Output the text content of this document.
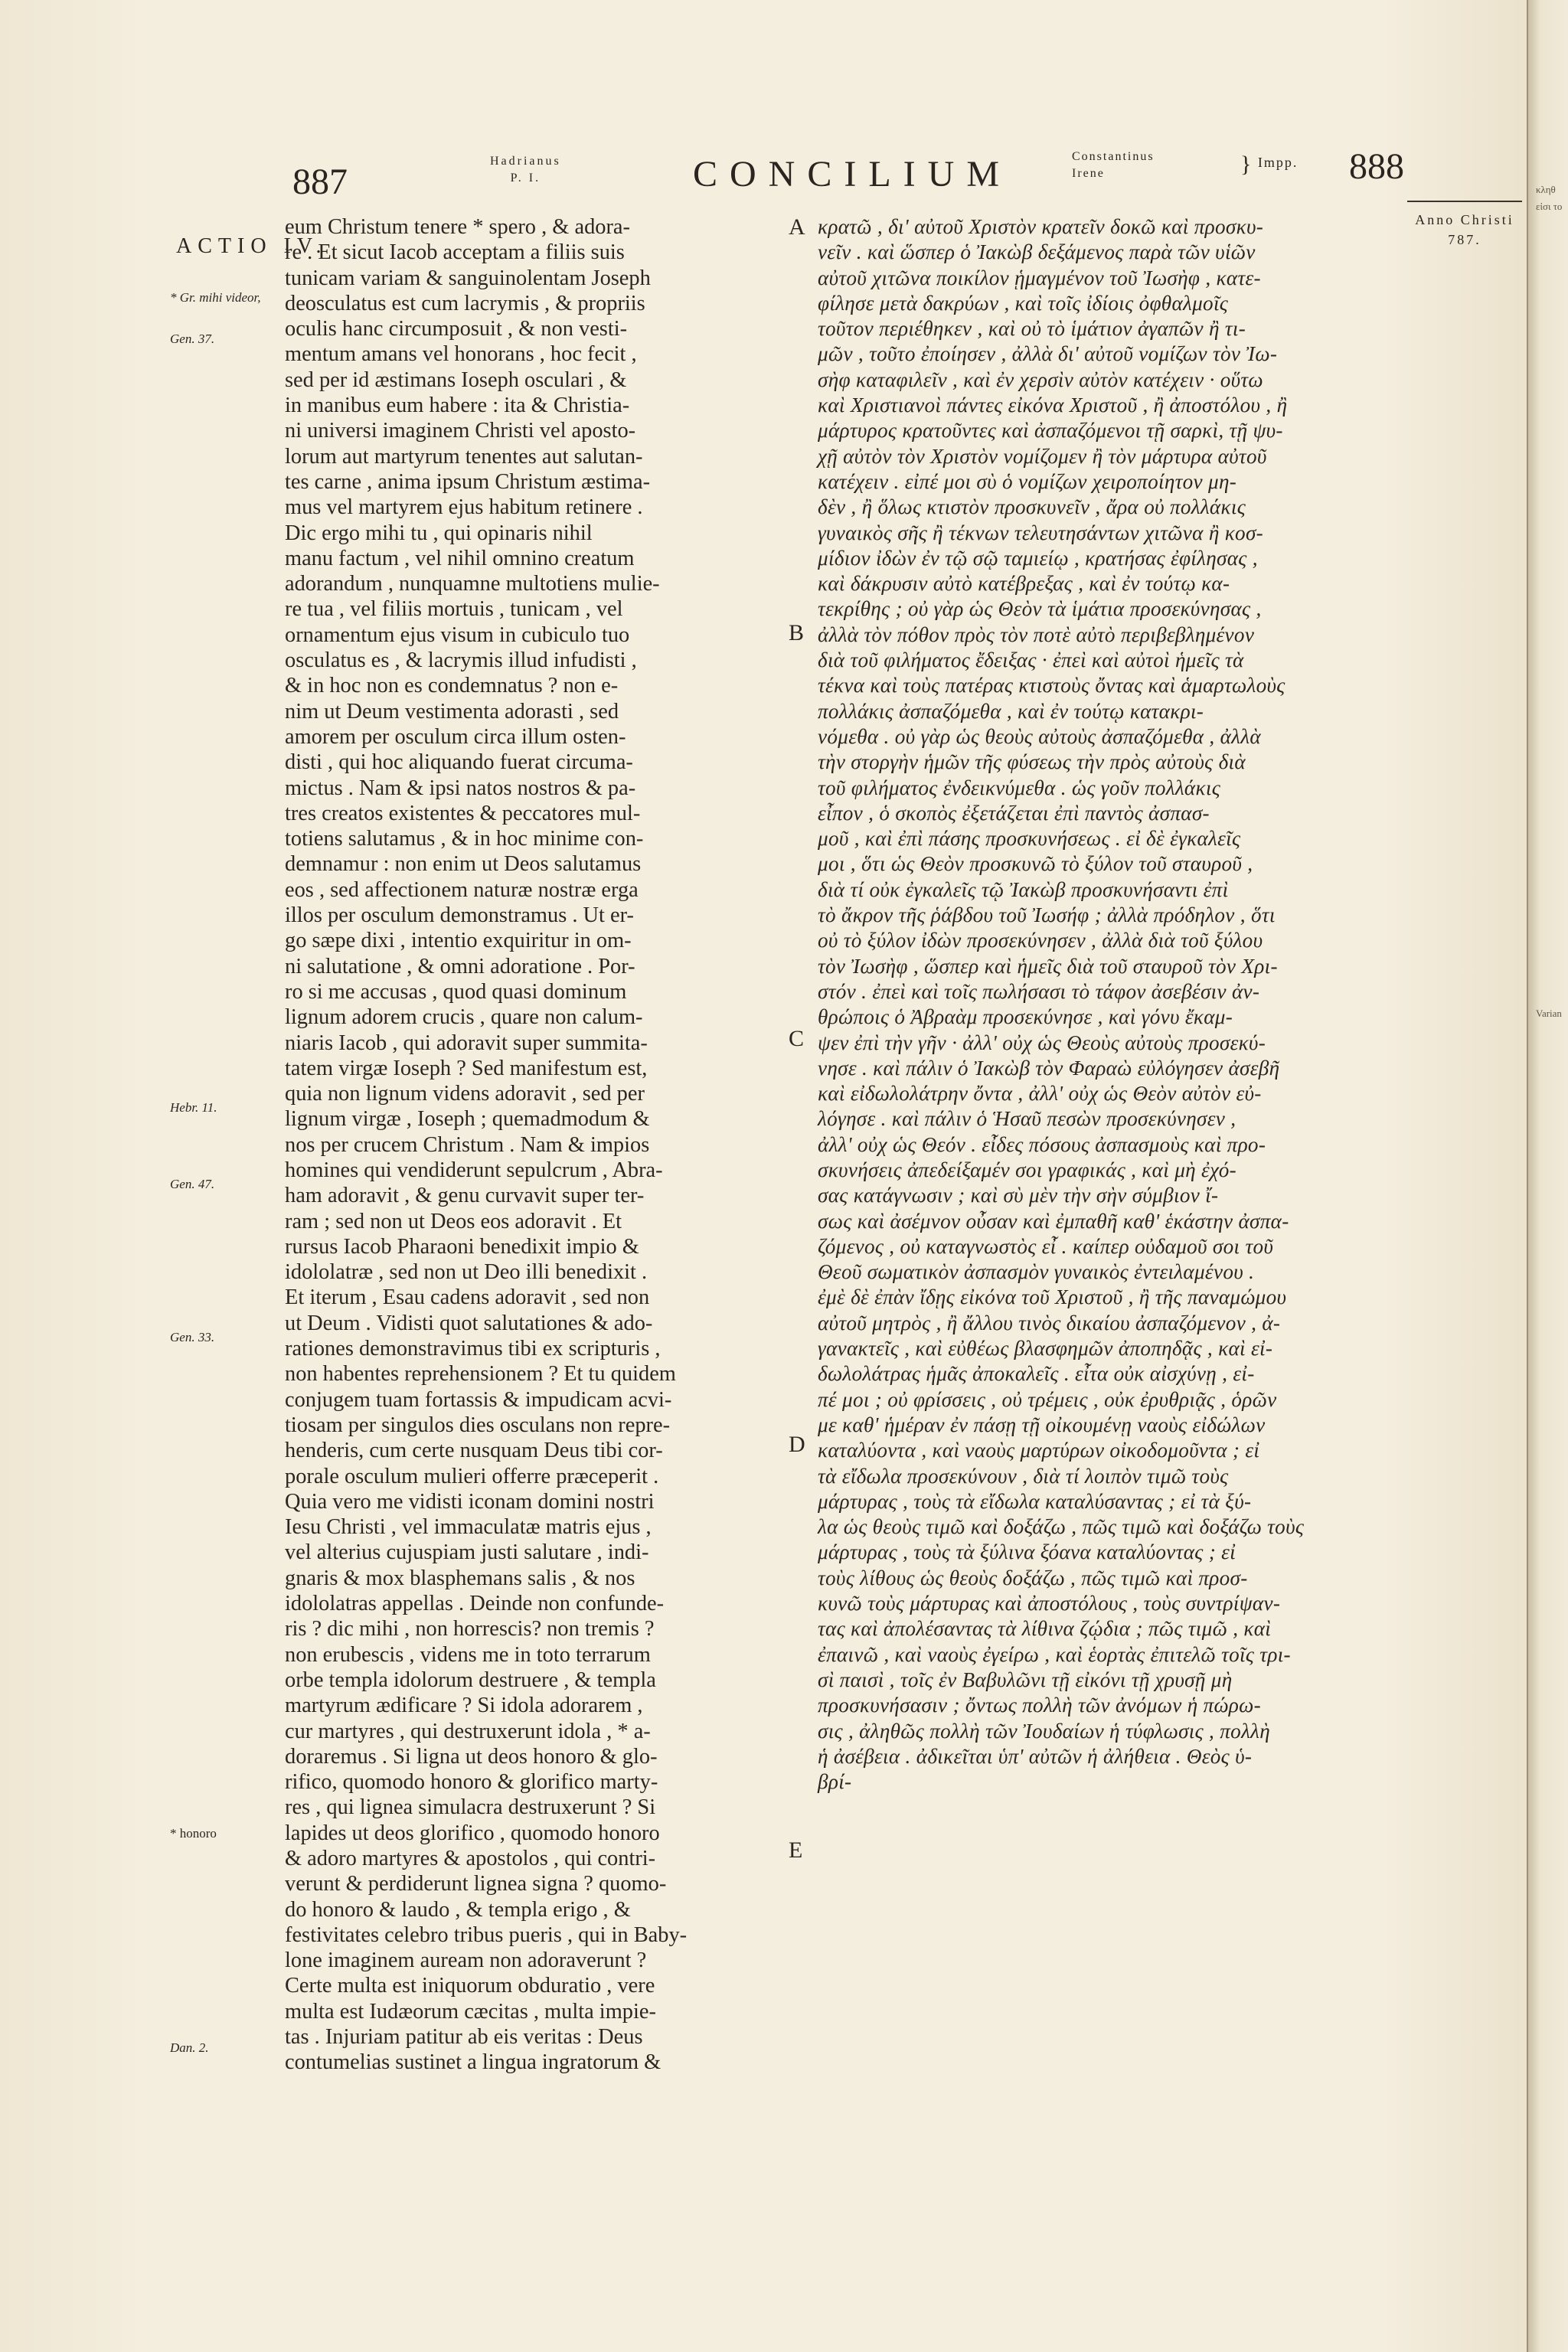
887
Hadrianus
P. I.	CONCILIUM	Constantinus
Irene	} Impp. 888
ACTIO IV.
* Gr. mihi videor,
Gen. 37.
Hebr. 11.
Gen. 47.
Gen. 33.
* honoro
Dan. 2.
Anno Christi 787.
A
B
C
D
E
eum Christum tenere * spero , & adora-
re . Et sicut Iacob acceptam a filiis suis
tunicam variam & sanguinolentam Joseph
deosculatus est cum lacrymis , & propriis
oculis hanc circumposuit , & non vesti-
mentum amans vel honorans , hoc fecit ,
sed per id æstimans Ioseph osculari , &
in manibus eum habere : ita & Christia-
ni universi imaginem Christi vel aposto-
lorum aut martyrum tenentes aut salutan-
tes carne , anima ipsum Christum æstima-
mus vel martyrem ejus habitum retinere .
Dic ergo mihi tu , qui opinaris nihil
manu factum , vel nihil omnino creatum
adorandum , nunquamne multotiens mulie-
re tua , vel filiis mortuis , tunicam , vel
ornamentum ejus visum in cubiculo tuo
osculatus es , & lacrymis illud infudisti ,
& in hoc non es condemnatus ? non e-
nim ut Deum vestimenta adorasti , sed
amorem per osculum circa illum osten-
disti , qui hoc aliquando fuerat circuma-
mictus . Nam & ipsi natos nostros & pa-
tres creatos existentes & peccatores mul-
totiens salutamus , & in hoc minime con-
demnamur : non enim ut Deos salutamus
eos , sed affectionem naturæ nostræ erga
illos per osculum demonstramus . Ut er-
go sæpe dixi , intentio exquiritur in om-
ni salutatione , & omni adoratione . Por-
ro si me accusas , quod quasi dominum
lignum adorem crucis , quare non calum-
niaris Iacob , qui adoravit super summita-
tatem virgæ Ioseph ? Sed manifestum est,
quia non lignum videns adoravit , sed per
lignum virgæ , Ioseph ; quemadmodum &
nos per crucem Christum . Nam & impios
homines qui vendiderunt sepulcrum , Abra-
ham adoravit , & genu curvavit super ter-
ram ; sed non ut Deos eos adoravit . Et
rursus Iacob Pharaoni benedixit impio &
idololatræ , sed non ut Deo illi benedixit .
Et iterum , Esau cadens adoravit , sed non
ut Deum . Vidisti quot salutationes & ado-
rationes demonstravimus tibi ex scripturis ,
non habentes reprehensionem ? Et tu quidem
conjugem tuam fortassis & impudicam acvi-
tiosam per singulos dies osculans non repre-
henderis, cum certe nusquam Deus tibi cor-
porale osculum mulieri offerre præceperit .
Quia vero me vidisti iconam domini nostri
Iesu Christi , vel immaculatæ matris ejus ,
vel alterius cujuspiam justi salutare , indi-
gnaris & mox blasphemans salis , & nos
idololatras appellas . Deinde non confunde-
ris ? dic mihi , non horrescis? non tremis ?
non erubescis , videns me in toto terrarum
orbe templa idolorum destruere , & templa
martyrum ædificare ? Si idola adorarem ,
cur martyres , qui destruxerunt idola , * a-
doraremus . Si ligna ut deos honoro & glo-
rifico, quomodo honoro & glorifico marty-
res , qui lignea simulacra destruxerunt ? Si
lapides ut deos glorifico , quomodo honoro
& adoro martyres & apostolos , qui contri-
verunt & perdiderunt lignea signa ? quomo-
do honoro & laudo , & templa erigo , &
festivitates celebro tribus pueris , qui in Baby-
lone imaginem auream non adoraverunt ?
Certe multa est iniquorum obduratio , vere
multa est Iudæorum cæcitas , multa impie-
tas . Injuriam patitur ab eis veritas : Deus
contumelias sustinet a lingua ingratorum &
κρατῶ , δι' αὐτοῦ Χριστὸν κρατεῖν δοκῶ καὶ προσκυ-
νεῖν . καὶ ὥσπερ ὁ Ἰακὼβ δεξάμενος παρὰ τῶν υἱῶν
αὐτοῦ χιτῶνα ποικίλον ᾑμαγμένον τοῦ Ἰωσὴφ , κατε-
φίλησε μετὰ δακρύων , καὶ τοῖς ἰδίοις ὀφθαλμοῖς
τοῦτον περιέθηκεν , καὶ οὐ τὸ ἱμάτιον ἀγαπῶν ἢ τι-
μῶν , τοῦτο ἐποίησεν , ἀλλὰ δι' αὐτοῦ νομίζων τὸν Ἰω-
σὴφ καταφιλεῖν , καὶ ἐν χερσὶν αὐτὸν κατέχειν · οὕτω
καὶ Χριστιανοὶ πάντες εἰκόνα Χριστοῦ , ἢ ἀποστόλου , ἢ
μάρτυρος κρατοῦντες καὶ ἀσπαζόμενοι τῇ σαρκὶ, τῇ ψυ-
χῇ αὐτὸν τὸν Χριστὸν νομίζομεν ἢ τὸν μάρτυρα αὐτοῦ
κατέχειν . εἰπέ μοι σὺ ὁ νομίζων χειροποίητον μη-
δὲν , ἢ ὅλως κτιστὸν προσκυνεῖν , ἄρα οὐ πολλάκις
γυναικὸς σῆς ἢ τέκνων τελευτησάντων χιτῶνα ἢ κοσ-
μίδιον ἰδὼν ἐν τῷ σῷ ταμιείῳ , κρατήσας ἐφίλησας ,
καὶ δάκρυσιν αὐτὸ κατέβρεξας , καὶ ἐν τούτῳ κα-
τεκρίθης ; οὐ γὰρ ὡς Θεὸν τὰ ἱμάτια προσεκύνησας ,
ἀλλὰ τὸν πόθον πρὸς τὸν ποτὲ αὐτὸ περιβεβλημένον
διὰ τοῦ φιλήματος ἔδειξας · ἐπεὶ καὶ αὐτοὶ ἡμεῖς τὰ
τέκνα καὶ τοὺς πατέρας κτιστοὺς ὄντας καὶ ἁμαρτωλοὺς
πολλάκις ἀσπαζόμεθα , καὶ ἐν τούτῳ κατακρι-
νόμεθα . οὐ γὰρ ὡς θεοὺς αὐτοὺς ἀσπαζόμεθα , ἀλλὰ
τὴν στοργὴν ἡμῶν τῆς φύσεως τὴν πρὸς αὐτοὺς διὰ
τοῦ φιλήματος ἐνδεικνύμεθα . ὡς γοῦν πολλάκις
εἶπον , ὁ σκοπὸς ἐξετάζεται ἐπὶ παντὸς ἀσπασ-
μοῦ , καὶ ἐπὶ πάσης προσκυνήσεως . εἰ δὲ ἐγκαλεῖς
μοι , ὅτι ὡς Θεὸν προσκυνῶ τὸ ξύλον τοῦ σταυροῦ ,
διὰ τί οὐκ ἐγκαλεῖς τῷ Ἰακὼβ προσκυνήσαντι ἐπὶ
τὸ ἄκρον τῆς ῥάβδου τοῦ Ἰωσήφ ; ἀλλὰ πρόδηλον , ὅτι
οὐ τὸ ξύλον ἰδὼν προσεκύνησεν , ἀλλὰ διὰ τοῦ ξύλου
τὸν Ἰωσὴφ , ὥσπερ καὶ ἡμεῖς διὰ τοῦ σταυροῦ τὸν Χρι-
στόν . ἐπεὶ καὶ τοῖς πωλήσασι τὸ τάφον ἀσεβέσιν ἀν-
θρώποις ὁ Ἀβραὰμ προσεκύνησε , καὶ γόνυ ἔκαμ-
ψεν ἐπὶ τὴν γῆν · ἀλλ' οὐχ ὡς Θεοὺς αὐτοὺς προσεκύ-
νησε . καὶ πάλιν ὁ Ἰακὼβ τὸν Φαραὼ εὐλόγησεν ἀσεβῆ
καὶ εἰδωλολάτρην ὄντα , ἀλλ' οὐχ ὡς Θεὸν αὐτὸν εὐ-
λόγησε . καὶ πάλιν ὁ Ἡσαῦ πεσὼν προσεκύνησεν ,
ἀλλ' οὐχ ὡς Θεόν . εἶδες πόσους ἀσπασμοὺς καὶ προ-
σκυνήσεις ἀπεδείξαμέν σοι γραφικάς , καὶ μὴ ἐχό-
σας κατάγνωσιν ; καὶ σὺ μὲν τὴν σὴν σύμβιον ἴ-
σως καὶ ἀσέμνον οὖσαν καὶ ἐμπαθῆ καθ' ἑκάστην ἀσπα-
ζόμενος , οὐ καταγνωστὸς εἶ . καίπερ οὐδαμοῦ σοι τοῦ
Θεοῦ σωματικὸν ἀσπασμὸν γυναικὸς ἐντειλαμένου .
ἐμὲ δὲ ἐπὰν ἴδῃς εἰκόνα τοῦ Χριστοῦ , ἢ τῆς παναμώμου
αὐτοῦ μητρὸς , ἢ ἄλλου τινὸς δικαίου ἀσπαζόμενον , ἀ-
γανακτεῖς , καὶ εὐθέως βλασφημῶν ἀποπηδᾷς , καὶ εἰ-
δωλολάτρας ἡμᾶς ἀποκαλεῖς . εἶτα οὐκ αἰσχύνῃ , εἰ-
πέ μοι ; οὐ φρίσσεις , οὐ τρέμεις , οὐκ ἐρυθριᾷς , ὁρῶν
με καθ' ἡμέραν ἐν πάσῃ τῇ οἰκουμένῃ ναοὺς εἰδώλων
καταλύοντα , καὶ ναοὺς μαρτύρων οἰκοδομοῦντα ; εἰ
τὰ εἴδωλα προσεκύνουν , διὰ τί λοιπὸν τιμῶ τοὺς
μάρτυρας , τοὺς τὰ εἴδωλα καταλύσαντας ; εἰ τὰ ξύ-
λα ὡς θεοὺς τιμῶ καὶ δοξάζω , πῶς τιμῶ καὶ δοξάζω τοὺς
μάρτυρας , τοὺς τὰ ξύλινα ξόανα καταλύοντας ; εἰ
τοὺς λίθους ὡς θεοὺς δοξάζω , πῶς τιμῶ καὶ προσ-
κυνῶ τοὺς μάρτυρας καὶ ἀποστόλους , τοὺς συντρίψαν-
τας καὶ ἀπολέσαντας τὰ λίθινα ζῴδια ; πῶς τιμῶ , καὶ
ἐπαινῶ , καὶ ναοὺς ἐγείρω , καὶ ἑορτὰς ἐπιτελῶ τοῖς τρι-
σὶ παισὶ , τοῖς ἐν Βαβυλῶνι τῇ εἰκόνι τῇ χρυσῇ μὴ
προσκυνήσασιν ; ὄντως πολλὴ τῶν ἀνόμων ἡ πώρω-
σις , ἀληθῶς πολλὴ τῶν Ἰουδαίων ἡ τύφλωσις , πολλὴ
ἡ ἀσέβεια . ἀδικεῖται ὑπ' αὐτῶν ἡ ἀλήθεια . Θεὸς ὑ-
βρί-
κληθ
εἰσι το
Varian
